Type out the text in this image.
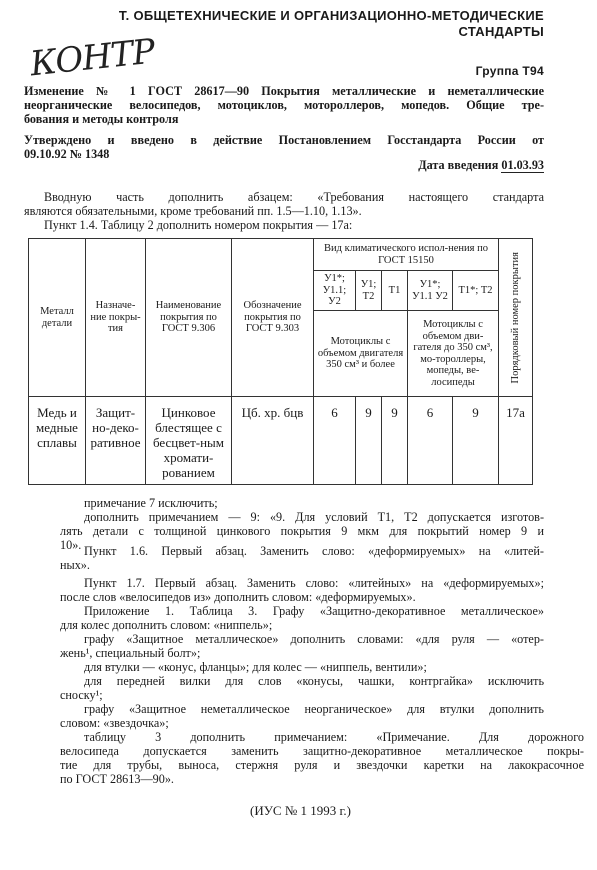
Т. ОБЩЕТЕХНИЧЕСКИЕ И ОРГАНИЗАЦИОННО-МЕТОДИЧЕСКИЕ
СТАНДАРТЫ
КОНТР	Группа Т94
Изменение № 1 ГОСТ 28617—90 Покрытия металлические и неметаллические
неорганические велосипедов, мотоциклов, мотороллеров, мопедов. Общие тре-
бования и методы контроля
Утверждено и введено в действие Постановлением Госстандарта России от
09.10.92 № 1348
Дата введения 01.03.93
Вводную часть дополнить абзацем: «Требования настоящего стандарта
являются обязательными, кроме требований пп. 1.5—1.10, 1.13».
Пункт 1.4. Таблицу 2 дополнить номером покрытия — 17а:
Металл детали	Назначе-ние покры-тия	Наименование покрытия по ГОСТ 9.306	Обозначение покрытия по ГОСТ 9.303	Вид климатического испол-нения по ГОСТ 15150					Порядковый номер покрытия

				У1*; У1.1; У2	У1; Т2	Т1	У1*; У1.1 У2	Т1*; Т2	
				Мотоциклы с объемом двигателя 350 см³ и более			Мотоциклы с объемом дви-гателя до 350 см³, мо-тороллеры, мопеды, ве-лосипеды		
Медь и медные сплавы	Защит-но-деко-ративное	Цинковое блестящее с бесцвет-ным хромати-рованием	Цб. хр. бцв	6	9	9	6	9	17а
примечание 7 исключить;
дополнить примечанием — 9: «9. Для условий Т1, Т2 допускается изготов-
лять детали с толщиной цинкового покрытия 9 мкм для покрытий номер 9 и
10». Пункт 1.6. Первый абзац. Заменить слово: «деформируемых» на «литей-
ных».
Пункт 1.7. Первый абзац. Заменить слово: «литейных» на «деформируемых»;
после слов «велосипедов из» дополнить словом: «деформируемых».
Приложение 1. Таблица 3. Графу «Защитно-декоративное металлическое»
для колес дополнить словом: «ниппель»;
графу «Защитное металлическое» дополнить словами: «для руля — «отер-
жень¹, специальный болт»;
для втулки — «конус, фланцы»; для колес — «ниппель, вентили»;
для передней вилки для слов «конусы, чашки, контргайка» исключить
сноску¹;
графу «Защитное неметаллическое неорганическое» для втулки дополнить
словом: «звездочка»;
таблицу 3 дополнить примечанием: «Примечание. Для дорожного
велосипеда допускается заменить защитно-декоративное металлическое покры-
тие для трубы, выноса, стержня руля и звездочки каретки на лакокрасочное
по ГОСТ 28613—90».
(ИУС № 1 1993 г.)
